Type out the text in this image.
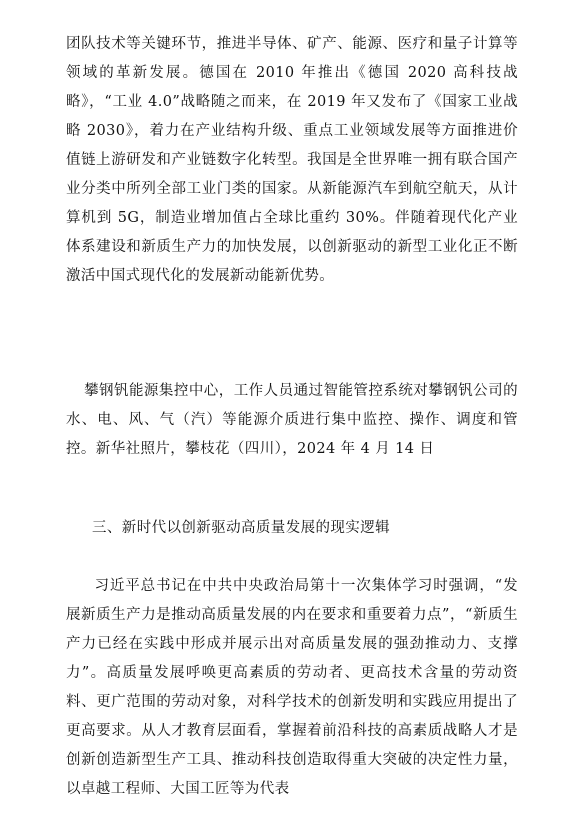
团队技术等关键环节，推进半导体、矿产、能源、医疗和量子计算等领域的革新发展。德国在 2010 年推出《德国 2020 高科技战略》，“工业 4.0”战略随之而来，在 2019 年又发布了《国家工业战略 2030》，着力在产业结构升级、重点工业领域发展等方面推进价值链上游研发和产业链数字化转型。我国是全世界唯一拥有联合国产业分类中所列全部工业门类的国家。从新能源汽车到航空航天，从计算机到 5G，制造业增加值占全球比重约 30%。伴随着现代化产业体系建设和新质生产力的加快发展，以创新驱动的新型工业化正不断激活中国式现代化的发展新动能新优势。
攀钢钒能源集控中心，工作人员通过智能管控系统对攀钢钒公司的水、电、风、气（汽）等能源介质进行集中监控、操作、调度和管控。新华社照片，攀枝花（四川），2024 年 4 月 14 日
三、新时代以创新驱动高质量发展的现实逻辑
习近平总书记在中共中央政治局第十一次集体学习时强调，“发展新质生产力是推动高质量发展的内在要求和重要着力点”，“新质生产力已经在实践中形成并展示出对高质量发展的强劲推动力、支撑力”。高质量发展呼唤更高素质的劳动者、更高技术含量的劳动资料、更广范围的劳动对象，对科学技术的创新发明和实践应用提出了更高要求。从人才教育层面看，掌握着前沿科技的高素质战略人才是创新创造新型生产工具、推动科技创造取得重大突破的决定性力量，以卓越工程师、大国工匠等为代表
